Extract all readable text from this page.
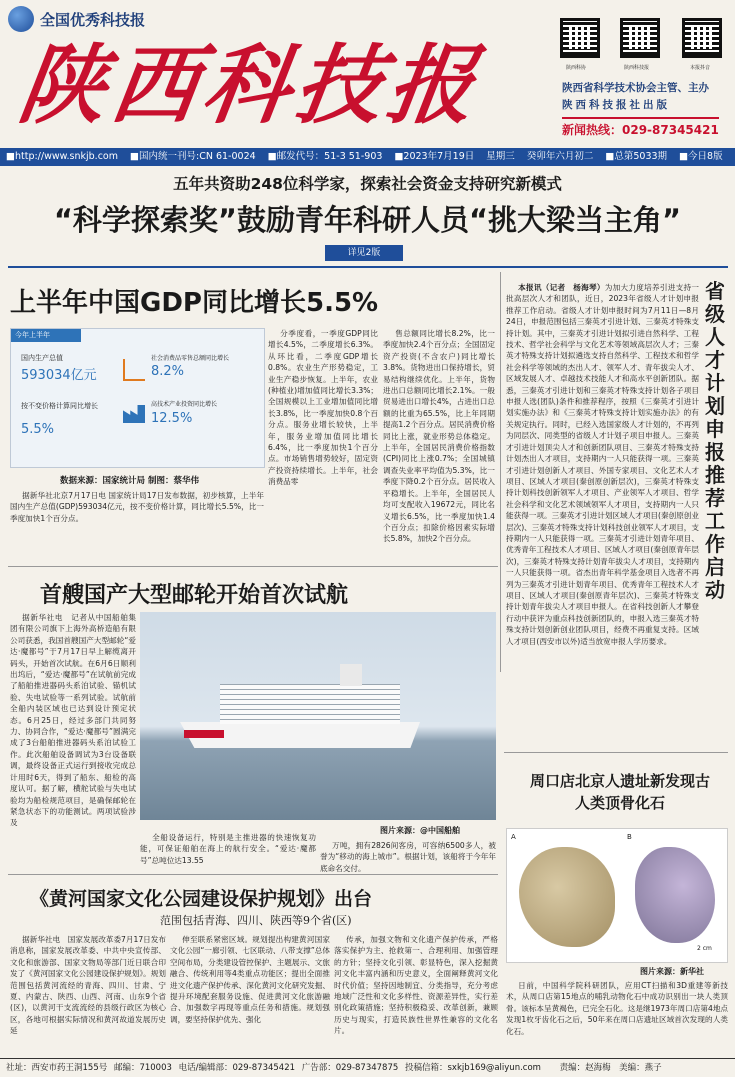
全国优秀科技报
陕西科技报	陕西科协	陕西科技报	本报抖音
陕西省科学技术协会主管、主办
陕西科技报社出版
新闻热线：029-87345421
■http://www.snkjb.com ■国内统一刊号:CN 61-0024 ■邮发代号：51-3 51-903 ■2023年7月19日 星期三 癸卯年六月初二 ■总第5033期 ■今日8版
五年共资助248位科学家，探索社会资金支持研究新模式
“科学探索奖”鼓励青年科研人员“挑大梁当主角”
详见2版
上半年中国GDP同比增长5.5%
今年上半年
国内生产总值
593034亿元
社会消费品零售总额同比增长
8.2%
按不变价格计算同比增长
5.5%
高技术产业投资同比增长
12.5%
数据来源：国家统计局 制图：蔡华伟

据新华社北京7月17日电 国家统计局17日发布数据，初步核算，上半年国内生产总值(GDP)593034亿元，按不变价格计算，同比增长5.5%，比一季度加快1个百分点。

分季度看，一季度GDP同比增长4.5%，二季度增长6.3%。从环比看，二季度GDP增长0.8%。农业生产形势稳定，工业生产稳步恢复。上半年，农业(种植业)增加值同比增长3.3%；全国规模以上工业增加值同比增长3.8%，比一季度加快0.8个百分点。服务业增长较快，上半年，服务业增加值同比增长6.4%，比一季度加快1个百分点。市场销售增势较好，固定资产投资持续增长。上半年，社会消费品零

售总额同比增长8.2%，比一季度加快2.4个百分点；全国固定资产投资(不含农户)同比增长3.8%。货物进出口保持增长，贸易结构继续优化。上半年，货物进出口总额同比增长2.1%。一般贸易进出口增长4%，占进出口总额的比重为65.5%，比上年同期提高1.2个百分点。居民消费价格同比上涨，就业形势总体稳定。上半年，全国居民消费价格指数(CPI)同比上涨0.7%；全国城镇调查失业率平均值为5.3%，比一季度下降0.2个百分点。居民收入平稳增长。上半年，全国居民人均可支配收入19672元，同比名义增长6.5%，比一季度加快1.4个百分点；扣除价格因素实际增长5.8%，加快2个百分点。

省级人才计划申报推荐工作启动

本报讯（记者　杨海琴）为加大力度培养引进支持一批高层次人才和团队，近日，2023年省级人才计划申报推荐工作启动。省级人才计划申报时间为7月11日—8月24日，申报范围包括三秦英才引进计划、三秦英才特殊支持计划。其中，三秦英才引进计划拟引进自然科学、工程技术、哲学社会科学与文化艺术等领域高层次人才；三秦英才特殊支持计划拟遴选支持自然科学、工程技术和哲学社会科学等领域的杰出人才、领军人才、青年拔尖人才、区域发展人才、卓越技术技能人才和高水平创新团队。据悉，三秦英才引进计划和三秦英才特殊支持计划各子项目申报人选(团队)条件和推荐程序，按照《三秦英才引进计划实施办法》和《三秦英才特殊支持计划实施办法》的有关规定执行。同时，已经入选国家级人才计划的，不再列为同层次、同类型的省级人才计划子项目申报人。三秦英才引进计划顶尖人才和创新团队项目、三秦英才特殊支持计划杰出人才项目，支持期内一人只能获得一项。三秦英才引进计划创新人才项目、外国专家项目、文化艺术人才项目、区域人才项目(秦创原创新层次)，三秦英才特殊支持计划科技创新领军人才项目、产业领军人才项目、哲学社会科学和文化艺术领域领军人才项目，支持期内一人只能获得一项。三秦英才引进计划区域人才项目(秦创原创业层次)、三秦英才特殊支持计划科技创业领军人才项目，支持期内一人只能获得一项。三秦英才引进计划青年项目、优秀青年工程技术人才项目、区域人才项目(秦创原青年层次)，三秦英才特殊支持计划青年拔尖人才项目，支持期内一人只能获得一项。省杰出青年科学基金项目入选者不再列为三秦英才引进计划青年项目、优秀青年工程技术人才项目、区域人才项目(秦创原青年层次)、三秦英才特殊支持计划青年拔尖人才项目申报人。在省科技创新人才攀登行动中获评为重点科技创新团队的，申报入选三秦英才特殊支持计划创新创业团队项目，经费不再重复支持。区域人才项目(西安市以外)适当放宽申报人学历要求。

首艘国产大型邮轮开始首次试航

据新华社电　记者从中国船舶集团有限公司旗下上海外高桥造船有限公司获悉，我国首艘国产大型邮轮“爱达·魔都号”于7月17日早上解缆离开码头，开始首次试航。在6月6日顺利出坞后，“爱达·魔都号”在试航前完成了船舶推进器码头系泊试验、锚机试验、失电试验等一系列试验。试航前全船内装区域也已达到设计预定状态。6月25日，经过多部门共同努力、协同合作，“爱达·魔都号”圆满完成了3台船舶推进器码头系泊试验工作。此次船舶设备调试为3台设备联调，最终设备正式运行到接收完成总计用时6天，得到了船东、船检的高度认可。据了解，横舵试验与失电试验均为船检规范项目，是确保邮轮在紧急状态下的功能测试。两项试验涉及

图片来源：@中国船舶

全船设备运行，特别是主推进器的快速恢复功能，可保证船舶在海上的航行安全。“爱达·魔都号”总吨位达13.55

万吨，拥有2826间客房，可容纳6500多人，被誉为“移动的海上城市”。根据计划，该船将于今年年底命名交付。

周口店北京人遗址新发现古人类顶骨化石
A	B
2 cm
图片来源：新华社

日前，中国科学院科研团队，应用CT扫描和3D重建等新技术，从周口店第15地点的哺乳动物化石中成功识别出一块人类顶骨。该标本呈黄褐色，已完全石化。这是继1973年周口店第4地点发现1枚牙齿化石之后，50年来在周口店遗址区域首次发现的人类化石。

《黄河国家文化公园建设保护规划》出台
范围包括青海、四川、陕西等9个省(区)

据新华社电　国家发展改革委7月17日发布消息称，国家发展改革委、中共中央宣传部、文化和旅游部、国家文物局等部门近日联合印发了《黄河国家文化公园建设保护规划》。规划范围包括黄河流经的青海、四川、甘肃、宁夏、内蒙古、陕西、山西、河南、山东9个省(区)，以黄河干支流流经的县级行政区为核心区，各地可根据实际情况和黄河故道发展历史延

伸至联系紧密区域。规划提出构建黄河国家文化公园“一廊引领、七区联动、八带支撑”总体空间布局，分类建设管控保护、主题展示、文旅融合、传统利用等4类重点功能区；提出全面推进文化遗产保护传承、深化黄河文化研究发掘、提升环境配套服务设施、促进黄河文化旅游融合、加强数字再现等重点任务和措施。规划强调，要坚持保护优先、强化

传承，加强文物和文化遗产保护传承，严格落实保护为主、抢救第一、合理利用、加强管理的方针；坚持文化引领、彰显特色，深入挖掘黄河文化丰富内涵和历史意义，全面阐释黄河文化时代价值；坚持因地制宜、分类指导，充分考虑地域广泛性和文化多样性、资源差异性，实行差别化政策措施；坚持积极稳妥、改革创新，兼顾历史与现实，打造民族性世界性兼容的文化名片。

社址：西安市药王洞155号 邮编：710003 电话/编辑部：029-87345421 广告部：029-87347875 投稿信箱：sxkjb169@aliyun.com 责编：赵海梅　美编：燕子
